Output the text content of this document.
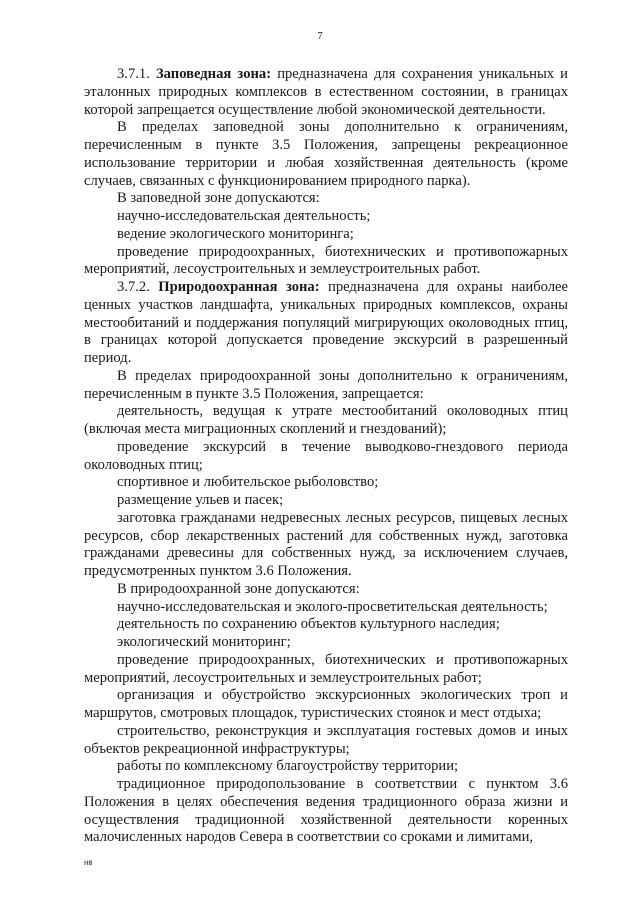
7

3.7.1. Заповедная зона: предназначена для сохранения уникальных и эталонных природных комплексов в естественном состоянии, в границах которой запрещается осуществление любой экономической деятельности.

В пределах заповедной зоны дополнительно к ограничениям, перечисленным в пункте 3.5 Положения, запрещены рекреационное использование территории и любая хозяйственная деятельность (кроме случаев, связанных с функционированием природного парка).

В заповедной зоне допускаются:

научно-исследовательская деятельность;

ведение экологического мониторинга;

проведение природоохранных, биотехнических и противопожарных мероприятий, лесоустроительных и землеустроительных работ.

3.7.2. Природоохранная зона: предназначена для охраны наиболее ценных участков ландшафта, уникальных природных комплексов, охраны местообитаний и поддержания популяций мигрирующих околоводных птиц, в границах которой допускается проведение экскурсий в разрешенный период.

В пределах природоохранной зоны дополнительно к ограничениям, перечисленным в пункте 3.5 Положения, запрещается:

деятельность, ведущая к утрате местообитаний околоводных птиц (включая места миграционных скоплений и гнездований);

проведение экскурсий в течение выводково-гнездового периода околоводных птиц;

спортивное и любительское рыболовство;

размещение ульев и пасек;

заготовка гражданами недревесных лесных ресурсов, пищевых лесных ресурсов, сбор лекарственных растений для собственных нужд, заготовка гражданами древесины для собственных нужд, за исключением случаев, предусмотренных пунктом 3.6 Положения.

В природоохранной зоне допускаются:

научно-исследовательская и эколого-просветительская деятельность;

деятельность по сохранению объектов культурного наследия;

экологический мониторинг;

проведение природоохранных, биотехнических и противопожарных мероприятий, лесоустроительных и землеустроительных работ;

организация и обустройство экскурсионных экологических троп и маршрутов, смотровых площадок, туристических стоянок и мест отдыха;

строительство, реконструкция и эксплуатация гостевых домов и иных объектов рекреационной инфраструктуры;

работы по комплексному благоустройству территории;

традиционное природопользование в соответствии с пунктом 3.6 Положения в целях обеспечения ведения традиционного образа жизни и осуществления традиционной хозяйственной деятельности коренных малочисленных народов Севера в соответствии со сроками и лимитами,

нв
